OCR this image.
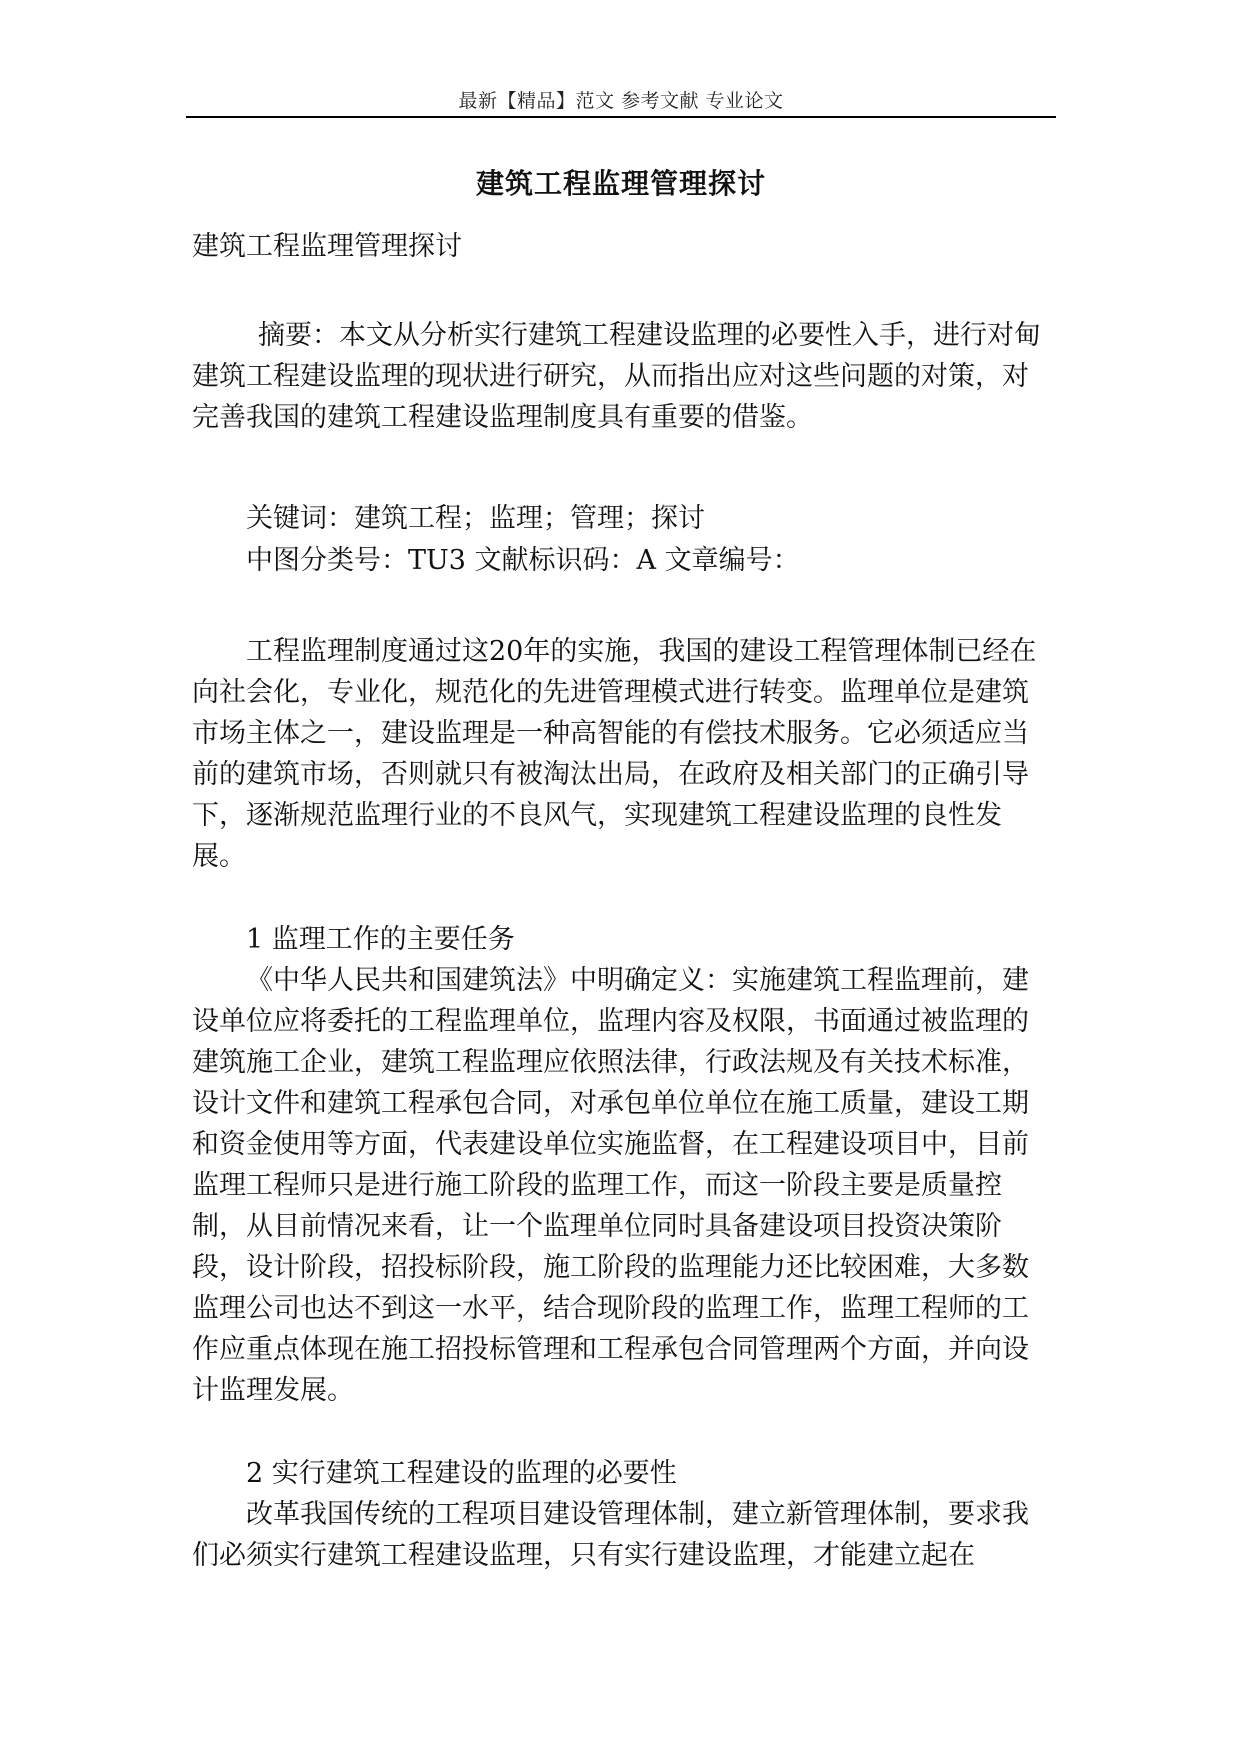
最新【精品】范文 参考文献 专业论文
建筑工程监理管理探讨

建筑工程监理管理探讨

摘要：本文从分析实行建筑工程建设监理的必要性入手，进行对甸建筑工程建设监理的现状进行研究，从而指出应对这些问题的对策，对完善我国的建筑工程建设监理制度具有重要的借鉴。

关键词：建筑工程；监理；管理；探讨

中图分类号：TU3 文献标识码：A 文章编号：

工程监理制度通过这20年的实施，我国的建设工程管理体制已经在向社会化，专业化，规范化的先进管理模式进行转变。监理单位是建筑市场主体之一，建设监理是一种高智能的有偿技术服务。它必须适应当前的建筑市场，否则就只有被淘汰出局，在政府及相关部门的正确引导下，逐渐规范监理行业的不良风气，实现建筑工程建设监理的良性发展。

1 监理工作的主要任务

《中华人民共和国建筑法》中明确定义：实施建筑工程监理前，建设单位应将委托的工程监理单位，监理内容及权限，书面通过被监理的建筑施工企业，建筑工程监理应依照法律，行政法规及有关技术标准，设计文件和建筑工程承包合同，对承包单位单位在施工质量，建设工期和资金使用等方面，代表建设单位实施监督，在工程建设项目中，目前监理工程师只是进行施工阶段的监理工作，而这一阶段主要是质量控制，从目前情况来看，让一个监理单位同时具备建设项目投资决策阶段，设计阶段，招投标阶段，施工阶段的监理能力还比较困难，大多数监理公司也达不到这一水平，结合现阶段的监理工作，监理工程师的工作应重点体现在施工招投标管理和工程承包合同管理两个方面，并向设计监理发展。

2 实行建筑工程建设的监理的必要性

改革我国传统的工程项目建设管理体制，建立新管理体制，要求我们必须实行建筑工程建设监理，只有实行建设监理，才能建立起在
